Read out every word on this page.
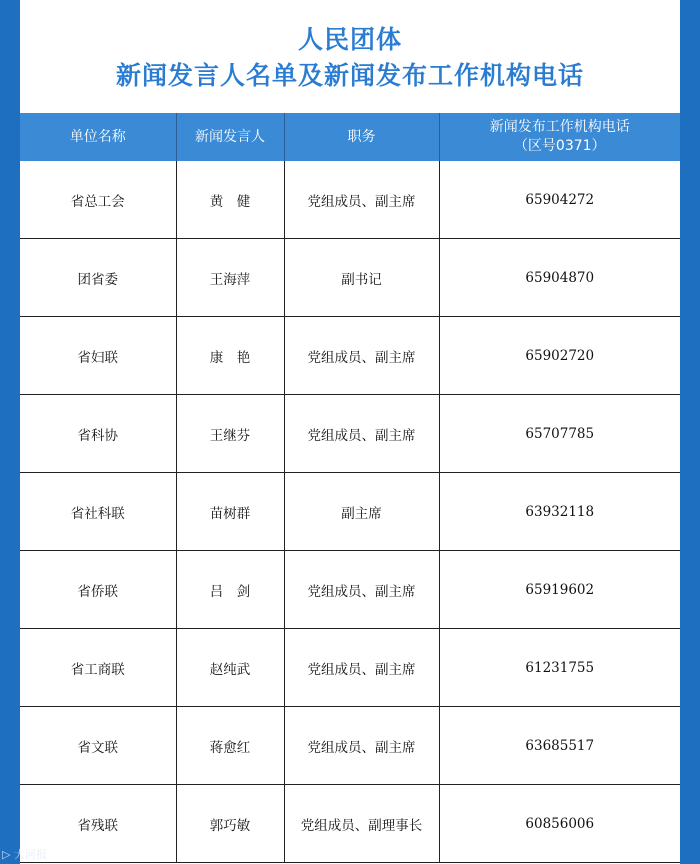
人民团体
新闻发言人名单及新闻发布工作机构电话
单位名称	新闻发言人	职务	新闻发布工作机构电话
（区号0371）

省总工会	黄　健	党组成员、副主席	65904272
团省委	王海萍	副书记	65904870
省妇联	康　艳	党组成员、副主席	65902720
省科协	王继芬	党组成员、副主席	65707785
省社科联	苗树群	副主席	63932118
省侨联	吕　剑	党组成员、副主席	65919602
省工商联	赵纯武	党组成员、副主席	61231755
省文联	蒋愈红	党组成员、副主席	63685517
省残联	郭巧敏	党组成员、副理事长	60856006
▷ 大河报
